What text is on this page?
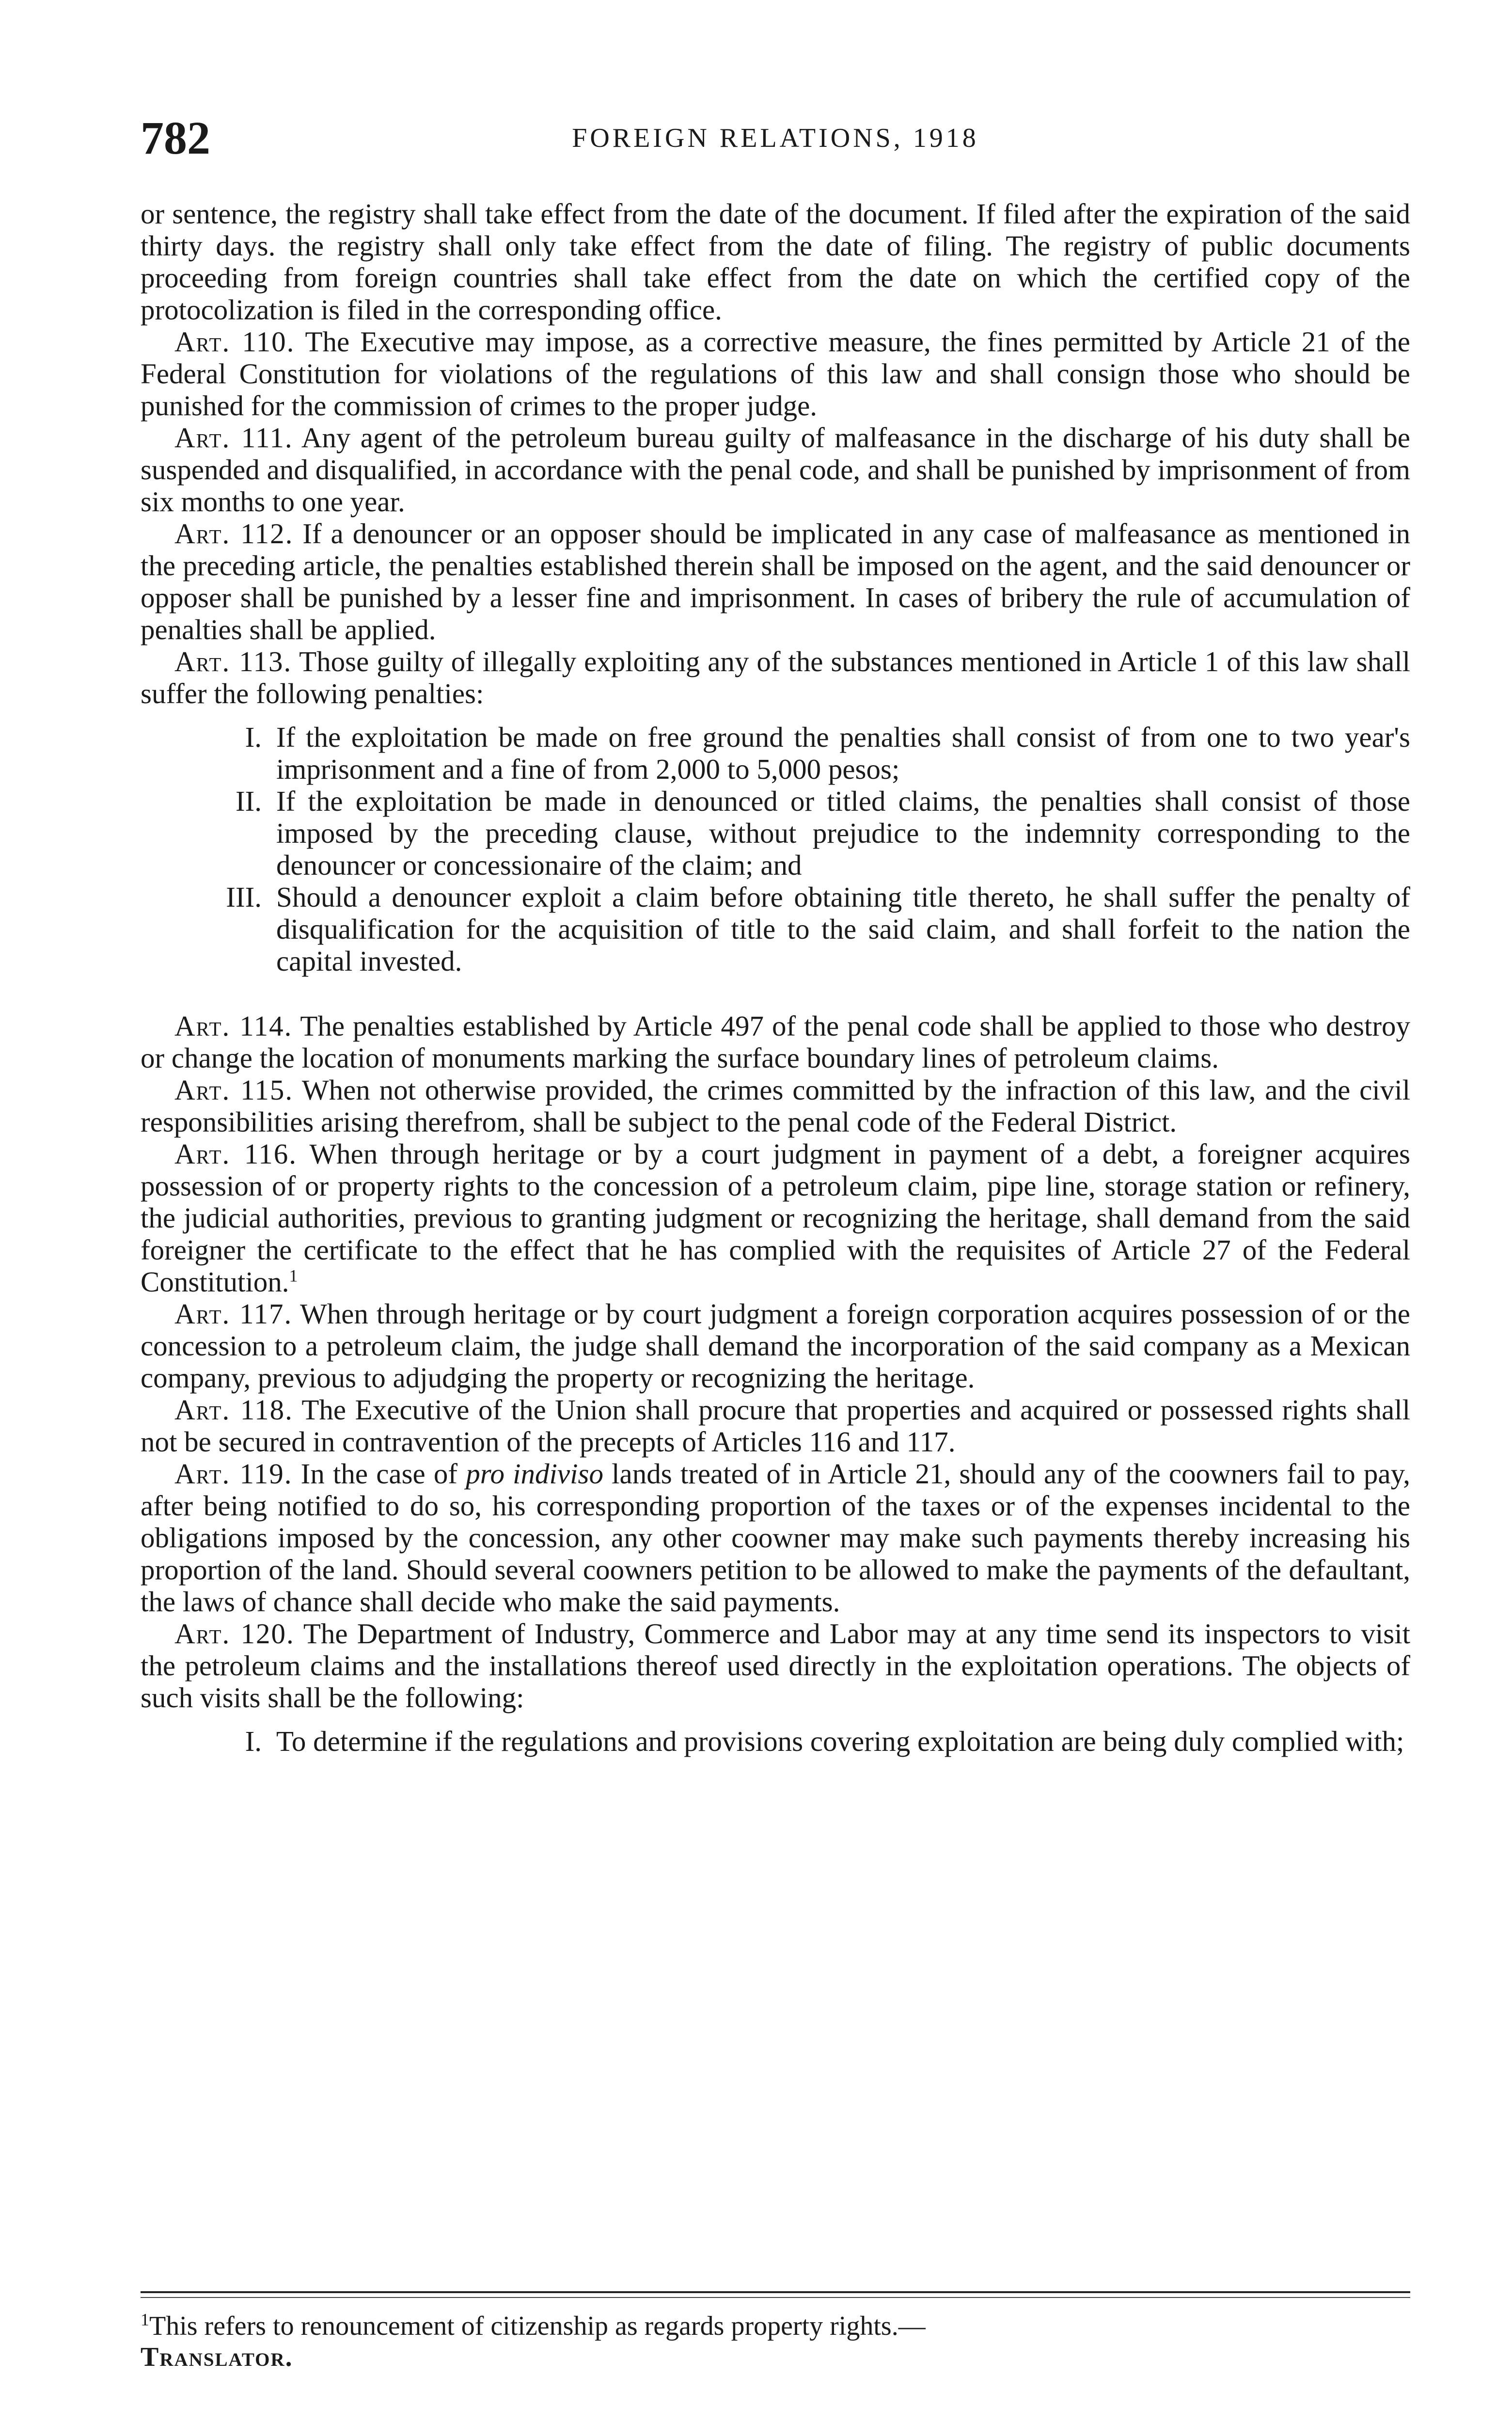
782	FOREIGN RELATIONS, 1918

or sentence, the registry shall take effect from the date of the document. If filed after the expiration of the said thirty days. the registry shall only take effect from the date of filing. The registry of public documents proceeding from foreign countries shall take effect from the date on which the certified copy of the protocolization is filed in the corresponding office.

Art. 110. The Executive may impose, as a corrective measure, the fines permitted by Article 21 of the Federal Constitution for violations of the regulations of this law and shall consign those who should be punished for the commission of crimes to the proper judge.

Art. 111. Any agent of the petroleum bureau guilty of malfeasance in the discharge of his duty shall be suspended and disqualified, in accordance with the penal code, and shall be punished by imprisonment of from six months to one year.

Art. 112. If a denouncer or an opposer should be implicated in any case of malfeasance as mentioned in the preceding article, the penalties established therein shall be imposed on the agent, and the said denouncer or opposer shall be punished by a lesser fine and imprisonment. In cases of bribery the rule of accumulation of penalties shall be applied.

Art. 113. Those guilty of illegally exploiting any of the substances mentioned in Article 1 of this law shall suffer the following penalties:

I. If the exploitation be made on free ground the penalties shall consist of from one to two year's imprisonment and a fine of from 2,000 to 5,000 pesos;
II. If the exploitation be made in denounced or titled claims, the penalties shall consist of those imposed by the preceding clause, without prejudice to the indemnity corresponding to the denouncer or concessionaire of the claim; and
III. Should a denouncer exploit a claim before obtaining title thereto, he shall suffer the penalty of disqualification for the acquisition of title to the said claim, and shall forfeit to the nation the capital invested.

Art. 114. The penalties established by Article 497 of the penal code shall be applied to those who destroy or change the location of monuments marking the surface boundary lines of petroleum claims.

Art. 115. When not otherwise provided, the crimes committed by the infraction of this law, and the civil responsibilities arising therefrom, shall be subject to the penal code of the Federal District.

Art. 116. When through heritage or by a court judgment in payment of a debt, a foreigner acquires possession of or property rights to the concession of a petroleum claim, pipe line, storage station or refinery, the judicial authorities, previous to granting judgment or recognizing the heritage, shall demand from the said foreigner the certificate to the effect that he has complied with the requisites of Article 27 of the Federal Constitution.$^1$

Art. 117. When through heritage or by court judgment a foreign corporation acquires possession of or the concession to a petroleum claim, the judge shall demand the incorporation of the said company as a Mexican company, previous to adjudging the property or recognizing the heritage.

Art. 118. The Executive of the Union shall procure that properties and acquired or possessed rights shall not be secured in contravention of the precepts of Articles 116 and 117.

Art. 119. In the case of pro indiviso lands treated of in Article 21, should any of the coowners fail to pay, after being notified to do so, his corresponding proportion of the taxes or of the expenses incidental to the obligations imposed by the concession, any other coowner may make such payments thereby increasing his proportion of the land. Should several coowners petition to be allowed to make the payments of the defaultant, the laws of chance shall decide who make the said payments.

Art. 120. The Department of Industry, Commerce and Labor may at any time send its inspectors to visit the petroleum claims and the installations thereof used directly in the exploitation operations. The objects of such visits shall be the following:

I. To determine if the regulations and provisions covering exploitation are being duly complied with;
$^1$This refers to renouncement of citizenship as regards property rights.—
Translator.
